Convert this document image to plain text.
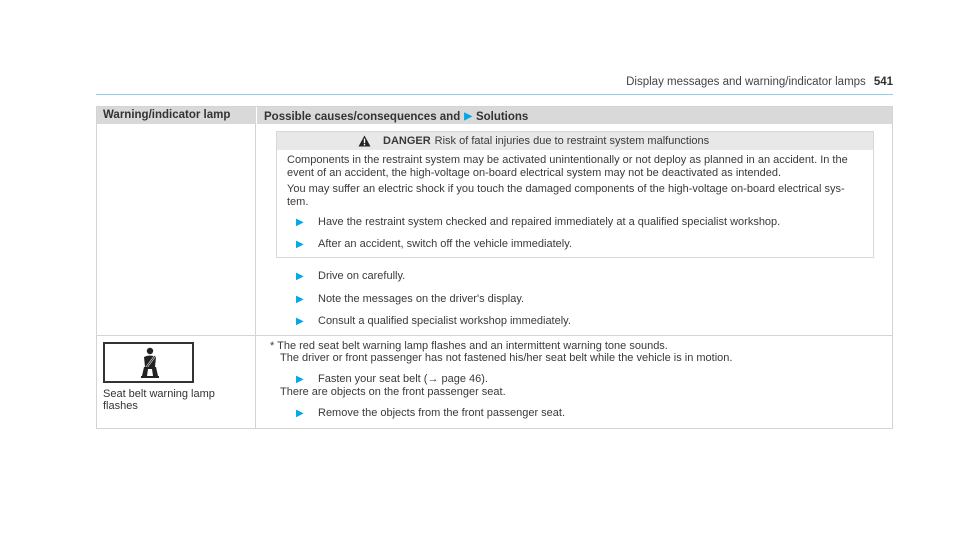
Display messages and warning/indicator lamps 541
Warning/indicator lamp	Possible causes/consequences and ▶ Solutions
DANGER Risk of fatal injuries due to restraint system malfunctions
Components in the restraint system may be activated unintentionally or not deploy as planned in an accident. In the event of an accident, the high-voltage on-board electrical system may not be deactivated as intended.
You may suffer an electric shock if you touch the damaged components of the high-voltage on-board electrical sys-tem.
▶ Have the restraint system checked and repaired immediately at a qualified specialist workshop.
▶ After an accident, switch off the vehicle immediately.
▶ Drive on carefully.
▶ Note the messages on the driver's display.
▶ Consult a qualified specialist workshop immediately.
Seat belt warning lamp flashes
* The red seat belt warning lamp flashes and an intermittent warning tone sounds.
The driver or front passenger has not fastened his/her seat belt while the vehicle is in motion.
▶ Fasten your seat belt (→ page 46).
There are objects on the front passenger seat.
▶ Remove the objects from the front passenger seat.
